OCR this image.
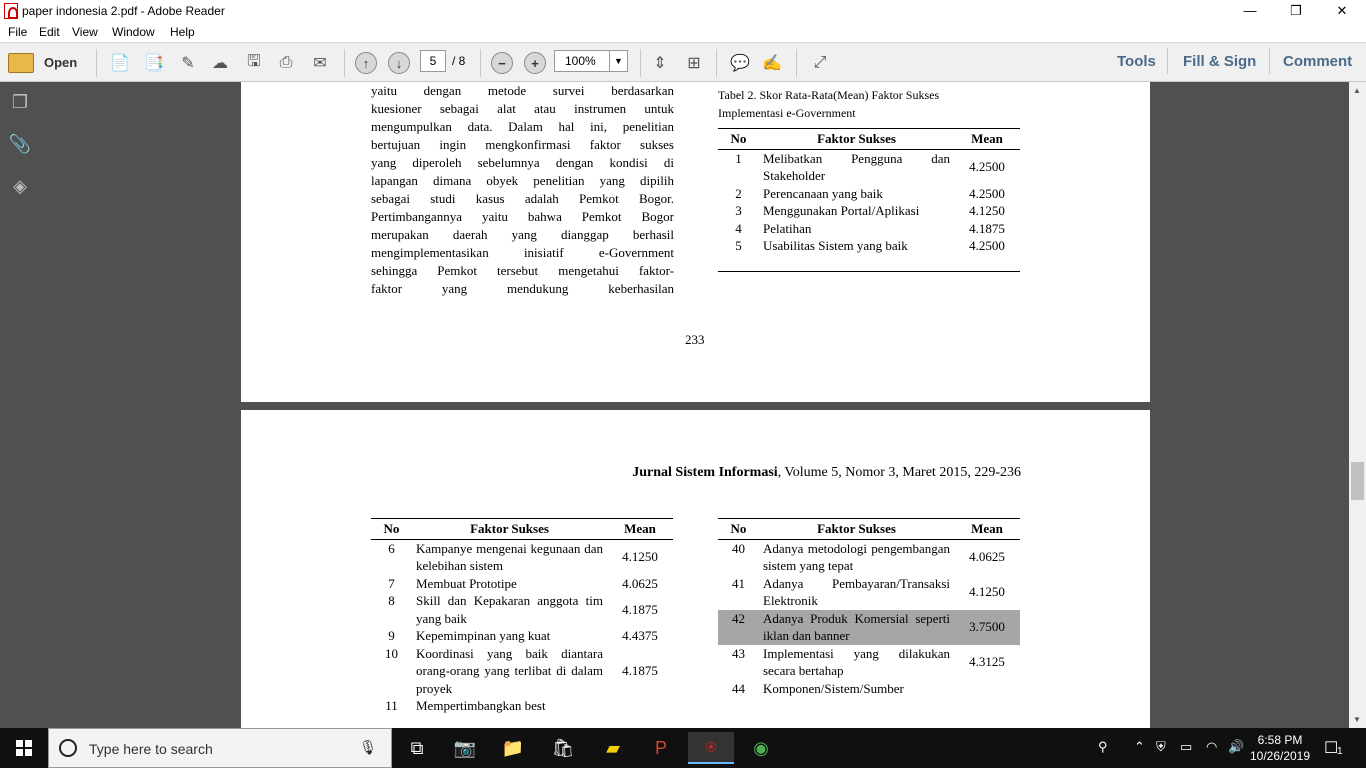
paper indonesia 2.pdf - Adobe Reader	—	❐	✕
File Edit View Window Help
Open 📄 📑	✎	☁	🖫	⎙	✉	↑	↓	−	+	⇕	⊞	💬 ✍	⤢
5	/ 8	100%	▼	Tools Fill & Sign Comment
❐
📎
◈
yaitu dengan metode survei berdasarkan
kuesioner sebagai alat atau instrumen untuk
mengumpulkan data. Dalam hal ini, penelitian
bertujuan ingin mengkonfirmasi faktor sukses
yang diperoleh sebelumnya dengan kondisi di
lapangan dimana obyek penelitian yang dipilih
sebagai studi kasus adalah Pemkot Bogor.
Pertimbangannya yaitu bahwa Pemkot Bogor
merupakan daerah yang dianggap berhasil
mengimplementasikan inisiatif e-Government
sehingga Pemkot tersebut mengetahui faktor-
faktor yang mendukung keberhasilan
Tabel 2. Skor Rata-Rata(Mean) Faktor Sukses
Implementasi e-Government
No	Faktor Sukses	Mean
1	Melibatkan Pengguna dan Stakeholder	4.2500
2	Perencanaan yang baik	4.2500
3	Menggunakan Portal/Aplikasi	4.1250
4	Pelatihan	4.1875
5	Usabilitas Sistem yang baik	4.2500
233
Jurnal Sistem Informasi, Volume 5, Nomor 3, Maret 2015, 229-236
No	Faktor Sukses	Mean
6	Kampanye mengenai kegunaan dan kelebihan sistem	4.1250
7	Membuat Prototipe	4.0625
8	Skill dan Kepakaran anggota tim yang baik	4.1875
9	Kepemimpinan yang kuat	4.4375
10	Koordinasi yang baik diantara orang-orang yang terlibat di dalam proyek	4.1875
11	Mempertimbangkan best	
No	Faktor Sukses	Mean
40	Adanya metodologi pengembangan sistem yang tepat	4.0625
41	Adanya Pembayaran/Transaksi Elektronik	4.1250
42	Adanya Produk Komersial seperti iklan dan banner	3.7500
43	Implementasi yang dilakukan secara bertahap	4.3125
44	Komponen/Sistem/Sumber	
▲
▼
Type here to search	🎙	⧉	📷	📁	🛍	▰	P	⍟	◉	⚲ ⌃ ⛨ ▭ ◠ 🔊	6:58 PM
10/26/2019 ☐
1
